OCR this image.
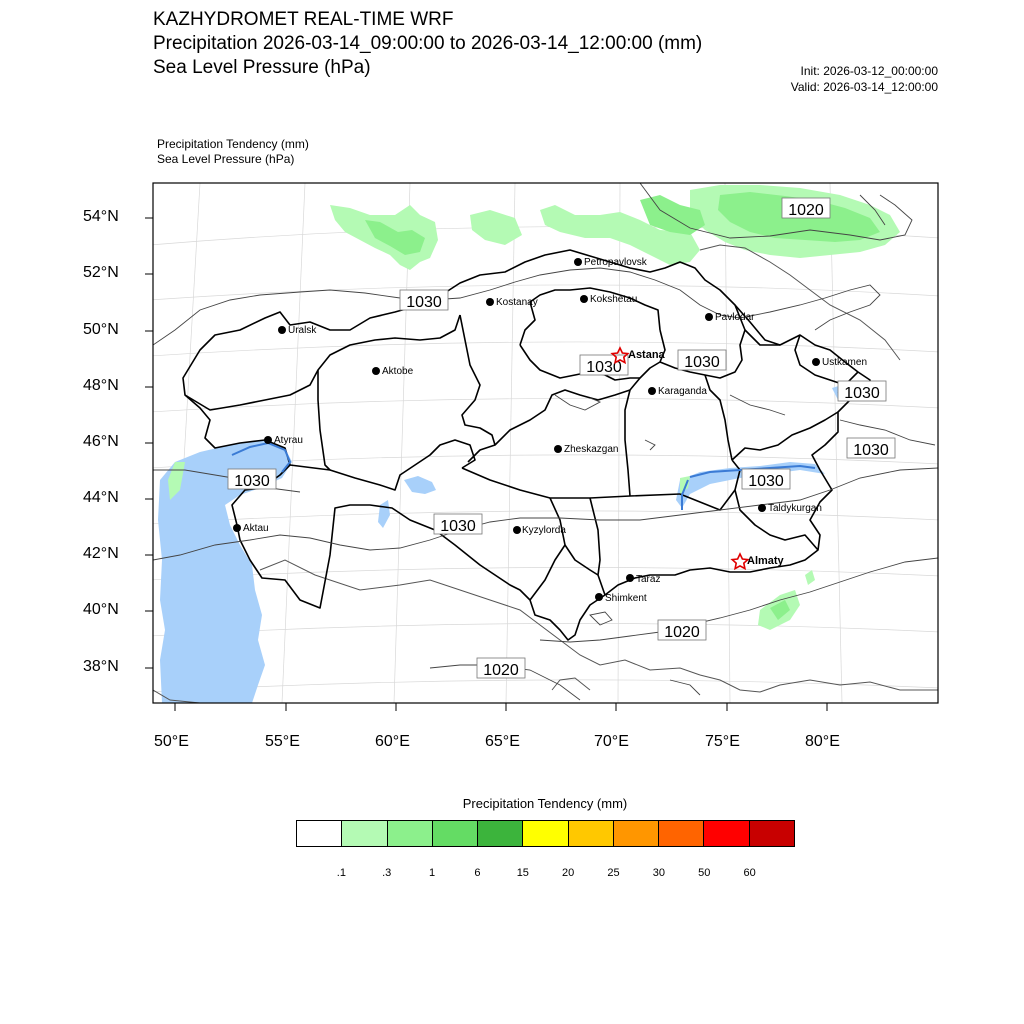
KAZHYDROMET REAL-TIME WRF
Precipitation 2026-03-14_09:00:00 to 2026-03-14_12:00:00 (mm)
Sea Level Pressure (hPa)	Init: 2026-03-12_00:00:00
Valid: 2026-03-14_12:00:00
Precipitation Tendency (mm)
Sea Level Pressure (hPa)
1020
1030
1030	1030
1030
1030
1030	1030
1030
1020
1020
Petropavlovsk
Kostanay	Kokshetau
Pavlodar
Uralsk
Aktobe
Ustkamen
Karaganda
Atyrau
Zheskazgan
Aktau	Kyzylorda
Taldykurgan
Taraz
Shimkent
Astana
Almaty
54°N
52°N
50°N
48°N
46°N
44°N
42°N
40°N
38°N
50°E	55°E	60°E	65°E	70°E	75°E	80°E
Precipitation Tendency (mm)
.1	.3	1	6	15	20	25	30	50	60
